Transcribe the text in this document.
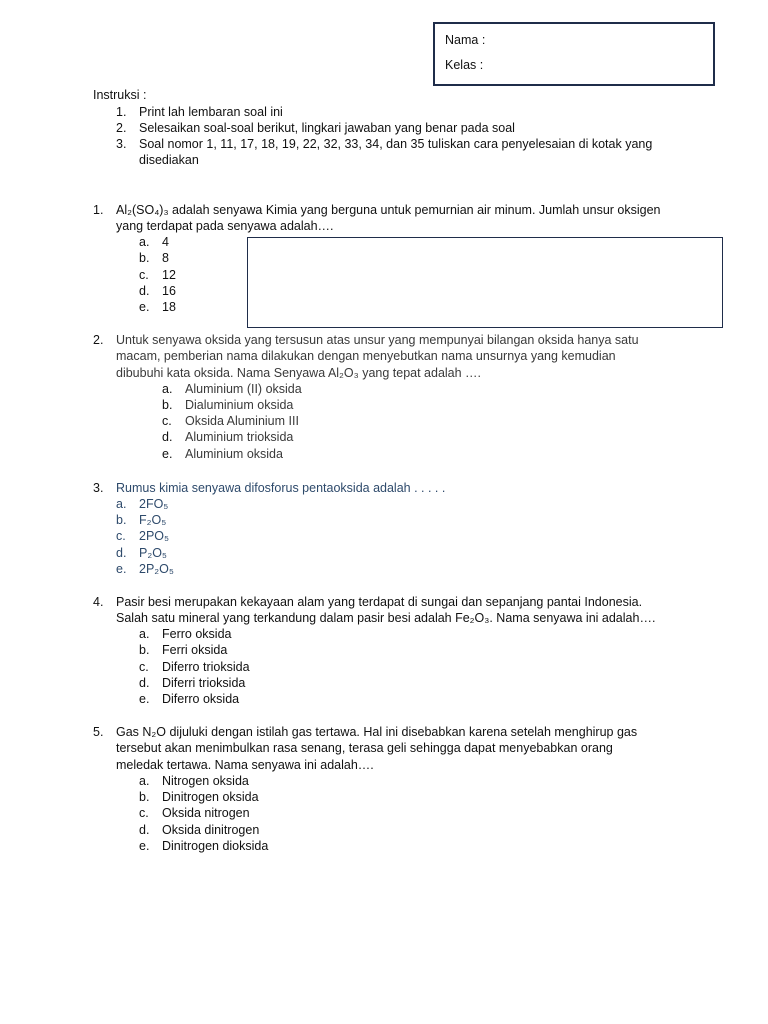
Nama :
Kelas :
Instruksi :
1. Print lah lembaran soal ini
2. Selesaikan soal-soal berikut, lingkari jawaban yang benar pada soal
3. Soal nomor 1, 11, 17, 18, 19, 22, 32, 33, 34, dan 35 tuliskan cara penyelesaian di kotak yang
disediakan
1. Al₂(SO₄)₃ adalah senyawa Kimia yang berguna untuk pemurnian air minum. Jumlah unsur oksigen
yang terdapat pada senyawa adalah….
a. 4
b. 8
c. 12
d. 16
e. 18
2. Untuk senyawa oksida yang tersusun atas unsur yang mempunyai bilangan oksida hanya satu
macam, pemberian nama dilakukan dengan menyebutkan nama unsurnya yang kemudian
dibubuhi kata oksida. Nama Senyawa Al₂O₃ yang tepat adalah ….
a. Aluminium (II) oksida
b. Dialuminium oksida
c. Oksida Aluminium III
d. Aluminium trioksida
e. Aluminium oksida
3. Rumus kimia senyawa difosforus pentaoksida adalah . . . . .
a. 2FO₅
b. F₂O₅
c. 2PO₅
d. P₂O₅
e. 2P₂O₅
4. Pasir besi merupakan kekayaan alam yang terdapat di sungai dan sepanjang pantai Indonesia.
Salah satu mineral yang terkandung dalam pasir besi adalah Fe₂O₃. Nama senyawa ini adalah….
a. Ferro oksida
b. Ferri oksida
c. Diferro trioksida
d. Diferri trioksida
e. Diferro oksida
5. Gas N₂O dijuluki dengan istilah gas tertawa. Hal ini disebabkan karena setelah menghirup gas
tersebut akan menimbulkan rasa senang, terasa geli sehingga dapat menyebabkan orang
meledak tertawa. Nama senyawa ini adalah….
a. Nitrogen oksida
b. Dinitrogen oksida
c. Oksida nitrogen
d. Oksida dinitrogen
e. Dinitrogen dioksida
